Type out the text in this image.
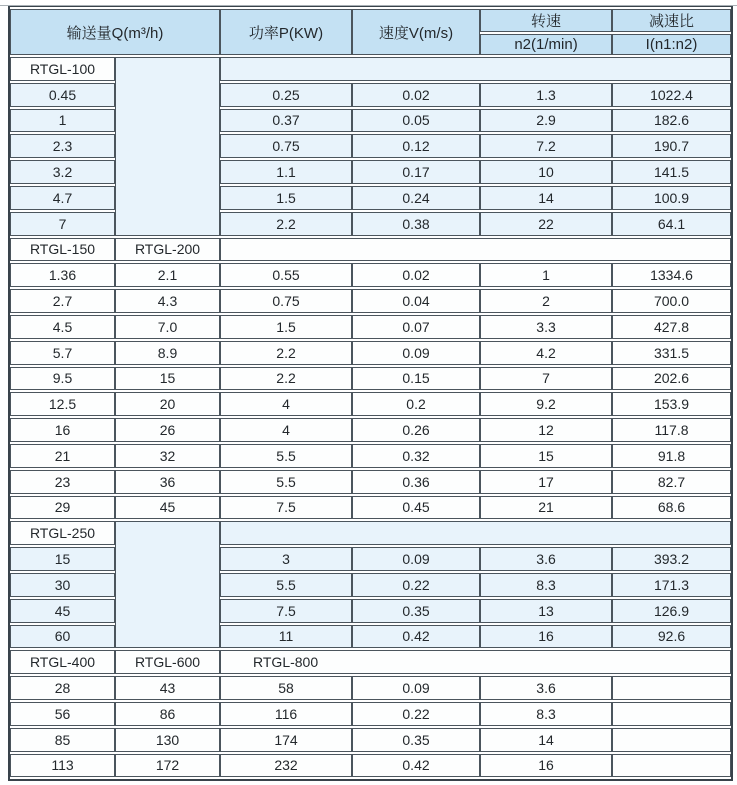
输送量Q(m³/h)		功率P(KW)	速度V(m/s)	转速	减速比
				n2(1/min)	I(n1:n2)
RTGL-100					
0.45		0.25	0.02	1.3	1022.4
1		0.37	0.05	2.9	182.6
2.3		0.75	0.12	7.2	190.7
3.2		1.1	0.17	10	141.5
4.7		1.5	0.24	14	100.9
7		2.2	0.38	22	64.1
RTGL-150	RTGL-200				
1.36	2.1	0.55	0.02	1	1334.6
2.7	4.3	0.75	0.04	2	700.0
4.5	7.0	1.5	0.07	3.3	427.8
5.7	8.9	2.2	0.09	4.2	331.5
9.5	15	2.2	0.15	7	202.6
12.5	20	4	0.2	9.2	153.9
16	26	4	0.26	12	117.8
21	32	5.5	0.32	15	91.8
23	36	5.5	0.36	17	82.7
29	45	7.5	0.45	21	68.6
RTGL-250					
15		3	0.09	3.6	393.2
30		5.5	0.22	8.3	171.3
45		7.5	0.35	13	126.9
60		11	0.42	16	92.6
RTGL-400	RTGL-600	RTGL-800			
28	43	58	0.09	3.6	
56	86	116	0.22	8.3	
85	130	174	0.35	14	
113	172	232	0.42	16	
